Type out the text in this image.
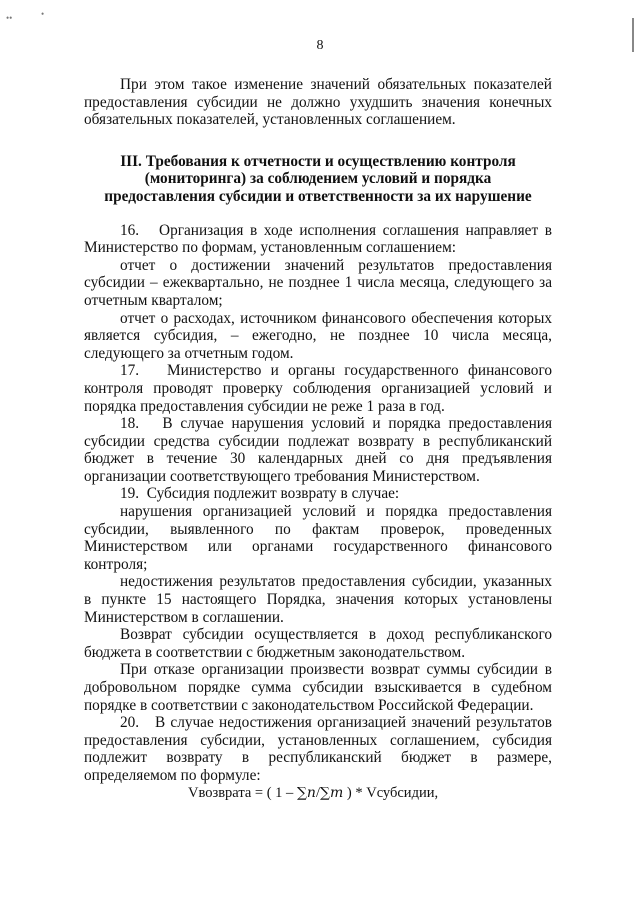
••	•
8

При этом такое изменение значений обязательных показателей предоставления субсидии не должно ухудшить значения конечных обязательных показателей, установленных соглашением.

III. Требования к отчетности и осуществлению контроля (мониторинга) за соблюдением условий и порядка предоставления субсидии и ответственности за их нарушение

16.   Организация в ходе исполнения соглашения направляет в Министерство по формам, установленным соглашением:

отчет о достижении значений результатов предоставления субсидии – ежеквартально, не позднее 1 числа месяца, следующего за отчетным кварталом;

отчет о расходах, источником финансового обеспечения которых является субсидия, – ежегодно, не позднее 10 числа месяца, следующего за отчетным годом.

17.   Министерство и органы государственного финансового контроля проводят проверку соблюдения организацией условий и порядка предоставления субсидии не реже 1 раза в год.

18.   В случае нарушения условий и порядка предоставления субсидии средства субсидии подлежат возврату в республиканский бюджет в течение 30 календарных дней со дня предъявления организации соответствующего требования Министерством.

19.  Субсидия подлежит возврату в случае:

нарушения организацией условий и порядка предоставления субсидии, выявленного по фактам проверок, проведенных Министерством или органами государственного финансового контроля;

недостижения результатов предоставления субсидии, указанных в пункте 15 настоящего Порядка, значения которых установлены Министерством в соглашении.

Возврат субсидии осуществляется в доход республиканского бюджета в соответствии с бюджетным законодательством.

При отказе организации произвести возврат суммы субсидии в добровольном порядке сумма субсидии взыскивается в судебном порядке в соответствии с законодательством Российской Федерации.

20.   В случае недостижения организацией значений результатов предоставления субсидии, установленных соглашением, субсидия подлежит возврату в республиканский бюджет в размере, определяемом по формуле:

Vвозврата = ( 1 – ∑𝑛/∑𝑚 ) * Vсубсидии,
